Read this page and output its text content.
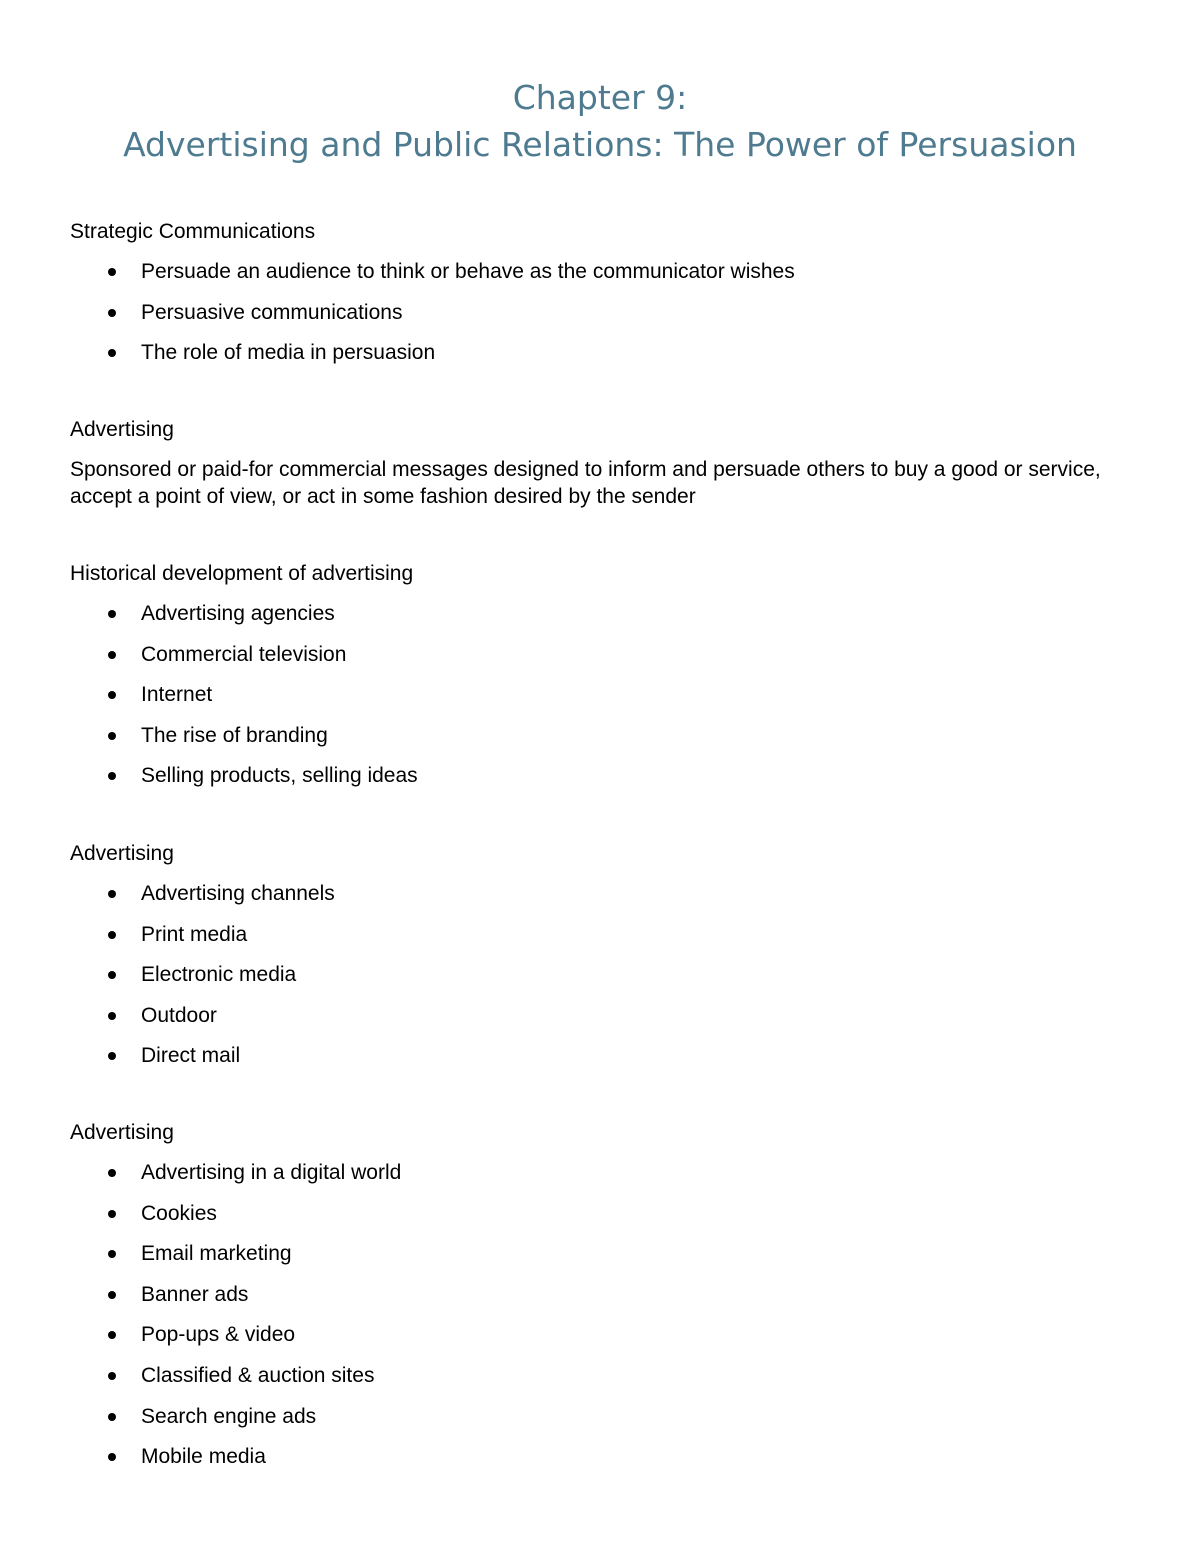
Chapter 9:
Advertising and Public Relations: The Power of Persuasion

Strategic Communications

Persuade an audience to think or behave as the communicator wishes
Persuasive communications
The role of media in persuasion

Advertising

Sponsored or paid-for commercial messages designed to inform and persuade others to buy a good or service, accept a point of view, or act in some fashion desired by the sender

Historical development of advertising

Advertising agencies
Commercial television
Internet
The rise of branding
Selling products, selling ideas

Advertising

Advertising channels
Print media
Electronic media
Outdoor
Direct mail

Advertising

Advertising in a digital world
Cookies
Email marketing
Banner ads
Pop-ups & video
Classified & auction sites
Search engine ads
Mobile media
